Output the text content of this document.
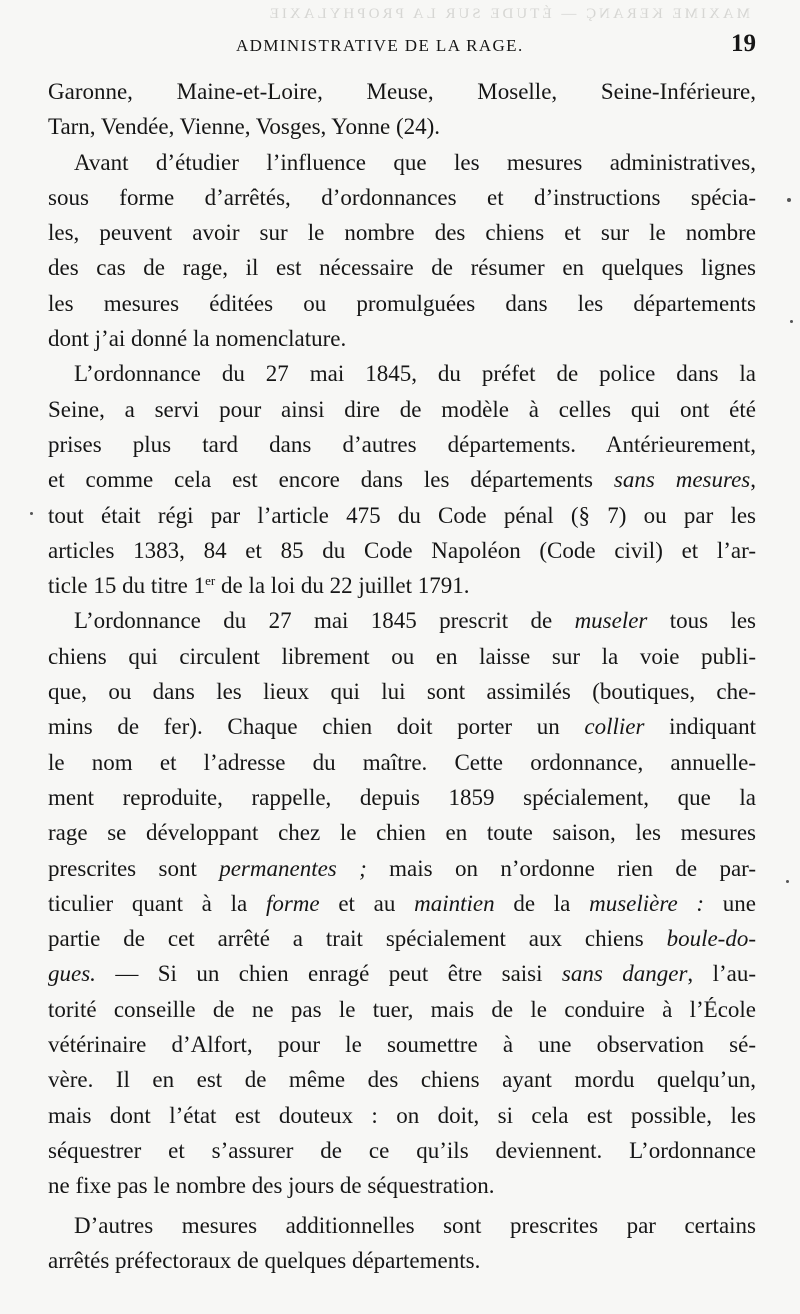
MAXIME KERANÇ — ÉTUDE SUR LA PROPHYLAXIE
ADMINISTRATIVE DE LA RAGE.	19
Garonne, Maine-et-Loire, Meuse, Moselle, Seine-Inférieure,
Tarn, Vendée, Vienne, Vosges, Yonne (24).
Avant d’étudier l’influence que les mesures administratives,
sous forme d’arrêtés, d’ordonnances et d’instructions spécia-
les, peuvent avoir sur le nombre des chiens et sur le nombre
des cas de rage, il est nécessaire de résumer en quelques lignes
les mesures éditées ou promulguées dans les départements
dont j’ai donné la nomenclature.
L’ordonnance du 27 mai 1845, du préfet de police dans la
Seine, a servi pour ainsi dire de modèle à celles qui ont été
prises plus tard dans d’autres départements. Antérieurement,
et comme cela est encore dans les départements sans mesures,
tout était régi par l’article 475 du Code pénal (§ 7) ou par les
articles 1383, 84 et 85 du Code Napoléon (Code civil) et l’ar-
ticle 15 du titre 1er de la loi du 22 juillet 1791.
L’ordonnance du 27 mai 1845 prescrit de museler tous les
chiens qui circulent librement ou en laisse sur la voie publi-
que, ou dans les lieux qui lui sont assimilés (boutiques, che-
mins de fer). Chaque chien doit porter un collier indiquant
le nom et l’adresse du maître. Cette ordonnance, annuelle-
ment reproduite, rappelle, depuis 1859 spécialement, que la
rage se développant chez le chien en toute saison, les mesures
prescrites sont permanentes ; mais on n’ordonne rien de par-
ticulier quant à la forme et au maintien de la muselière : une
partie de cet arrêté a trait spécialement aux chiens boule-do-
gues. — Si un chien enragé peut être saisi sans danger, l’au-
torité conseille de ne pas le tuer, mais de le conduire à l’École
vétérinaire d’Alfort, pour le soumettre à une observation sé-
vère. Il en est de même des chiens ayant mordu quelqu’un,
mais dont l’état est douteux : on doit, si cela est possible, les
séquestrer et s’assurer de ce qu’ils deviennent. L’ordonnance
ne fixe pas le nombre des jours de séquestration.
D’autres mesures additionnelles sont prescrites par certains
arrêtés préfectoraux de quelques départements.
